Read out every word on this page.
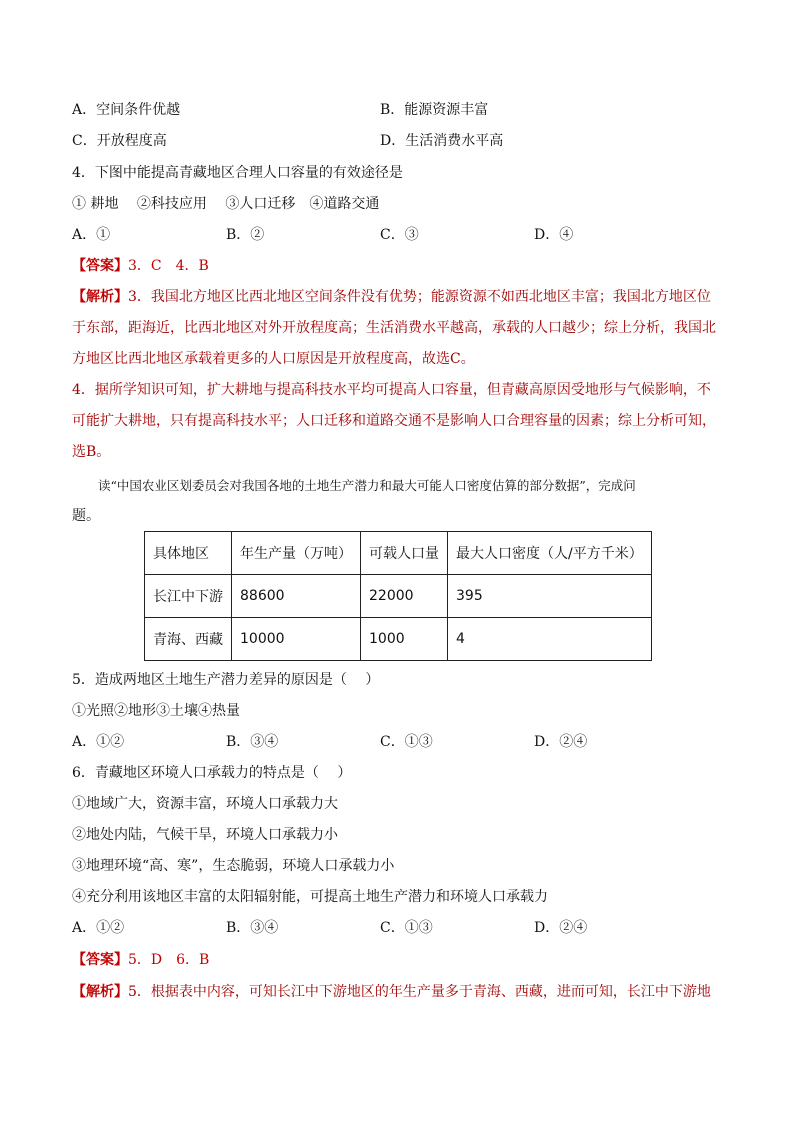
A．空间条件优越	B．能源资源丰富
C．开放程度高	D．生活消费水平高
4．下图中能提高青藏地区合理人口容量的有效途径是
① 耕地　 ②科技应用　 ③人口迁移　④道路交通
A．①	B．②	C．③	D．④
【答案】3．C　4．B
【解析】3．我国北方地区比西北地区空间条件没有优势；能源资源不如西北地区丰富；我国北方地区位
于东部，距海近，比西北地区对外开放程度高；生活消费水平越高，承载的人口越少；综上分析，我国北
方地区比西北地区承载着更多的人口原因是开放程度高，故选C。
4．据所学知识可知，扩大耕地与提高科技水平均可提高人口容量，但青藏高原因受地形与气候影响，不
可能扩大耕地，只有提高科技水平；人口迁移和道路交通不是影响人口合理容量的因素；综上分析可知，
选B。
读“中国农业区划委员会对我国各地的土地生产潜力和最大可能人口密度估算的部分数据”，完成问
题。
具体地区	年生产量（万吨）	可载人口量	最大人口密度（人/平方千米）
长江中下游	88600	22000	395
青海、西藏	10000	1000	4
5．造成两地区土地生产潜力差异的原因是（　 ）
①光照②地形③土壤④热量
A．①②	B．③④	C．①③	D．②④
6．青藏地区环境人口承载力的特点是（　 ）
①地域广大，资源丰富，环境人口承载力大
②地处内陆，气候干旱，环境人口承载力小
③地理环境“高、寒”，生态脆弱，环境人口承载力小
④充分利用该地区丰富的太阳辐射能，可提高土地生产潜力和环境人口承载力
A．①②	B．③④	C．①③	D．②④
【答案】5．D　6．B
【解析】5．根据表中内容，可知长江中下游地区的年生产量多于青海、西藏，进而可知，长江中下游地
